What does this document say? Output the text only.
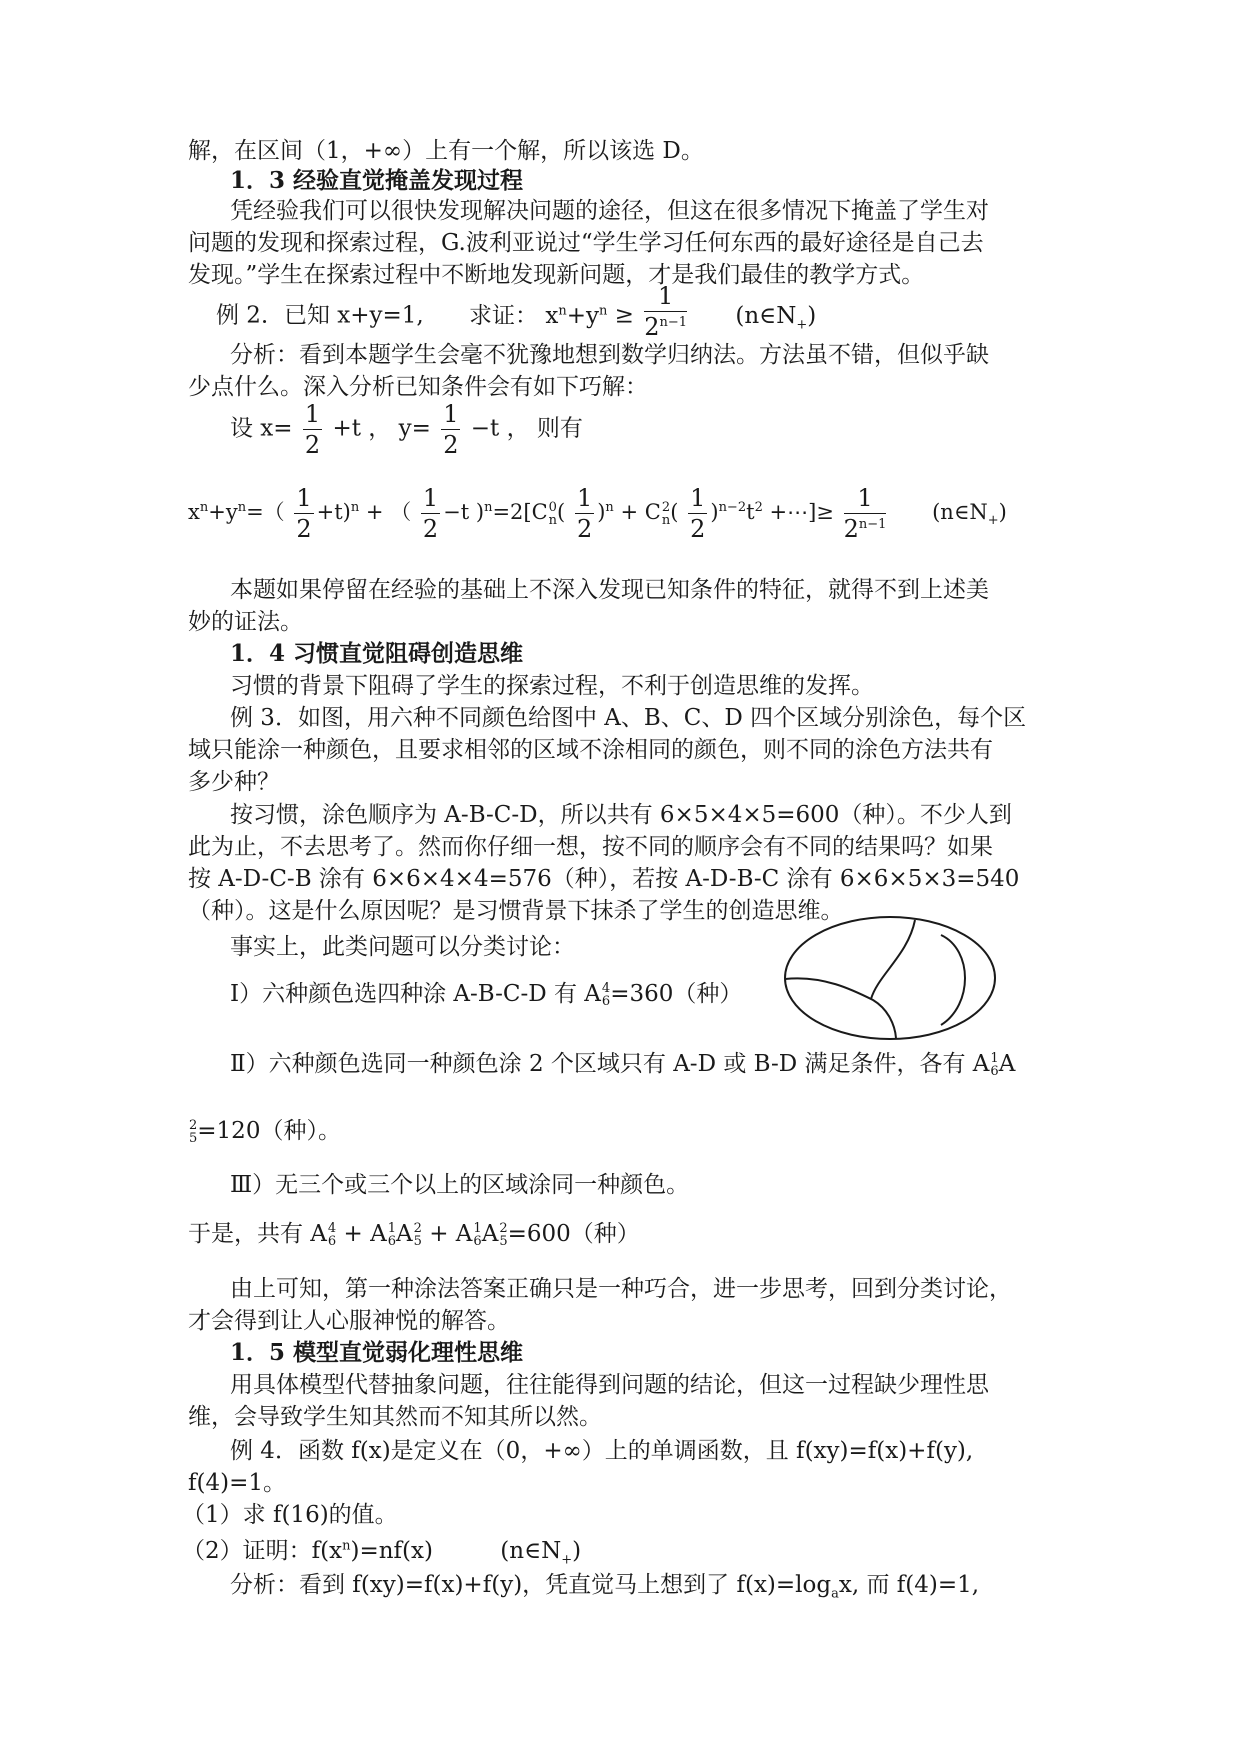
解，在区间（1，+∞）上有一个解，所以该选 D。
1．3 经验直觉掩盖发现过程
凭经验我们可以很快发现解决问题的途径，但这在很多情况下掩盖了学生对
问题的发现和探索过程，G.波利亚说过“学生学习任何东西的最好途径是自己去
发现。”学生在探索过程中不断地发现新问题，才是我们最佳的教学方式。
例 2．已知 x+y=1, 求证： $x^n+y^n \ge \frac{1}{2^{n-1}}$ $(n\in N_+)$
分析：看到本题学生会毫不犹豫地想到数学归纳法。方法虽不错，但似乎缺
少点什么。深入分析已知条件会有如下巧解：
设 $x= \frac{1}{2} +t$ ， $y= \frac{1}{2} -t$ ， 则有
$x^n+y^n=( \frac{1}{2} +t)^n$ + （ $\frac{1}{2} -t$ )$^n$=2[C 0
n ( $\frac{1}{2} )^n + C$ 2
n ( $\frac{1}{2} )^{n-2}t^2$ +⋯]≥ $\frac{1}{2^{n-1}}$ $(n\in N_+)$
本题如果停留在经验的基础上不深入发现已知条件的特征，就得不到上述美
妙的证法。
1．4 习惯直觉阻碍创造思维
习惯的背景下阻碍了学生的探索过程，不利于创造思维的发挥。
例 3．如图，用六种不同颜色给图中 A、B、C、D 四个区域分别涂色，每个区
域只能涂一种颜色，且要求相邻的区域不涂相同的颜色，则不同的涂色方法共有
多少种？
按习惯，涂色顺序为 A-B-C-D，所以共有 6×5×4×5=600（种）。不少人到
此为止，不去思考了。然而你仔细一想，按不同的顺序会有不同的结果吗？如果
按 A-D-C-B 涂有 6×6×4×4=576（种），若按 A-D-B-C 涂有 6×6×5×3=540
（种）。这是什么原因呢？是习惯背景下抹杀了学生的创造思维。
事实上，此类问题可以分类讨论：
Ⅰ）六种颜色选四种涂 A-B-C-D 有 A 4
6 =360（种）
Ⅱ）六种颜色选同一种颜色涂 2 个区域只有 A-D 或 B-D 满足条件，各有 A 1
6 A
2
5 =120（种）。
Ⅲ）无三个或三个以上的区域涂同一种颜色。
于是，共有 A 4
6 + A 1
6 A 2
5 + A 1
6 A 2
5 =600（种）
由上可知，第一种涂法答案正确只是一种巧合，进一步思考，回到分类讨论，
才会得到让人心服神悦的解答。
1．5 模型直觉弱化理性思维
用具体模型代替抽象问题，往往能得到问题的结论，但这一过程缺少理性思
维，会导致学生知其然而不知其所以然。
例 4．函数 f(x)是定义在（0，+∞）上的单调函数，且 f(xy)=f(x)+f(y),
f(4)=1。
（1）求 f(16)的值。
（2）证明：$f(x^n)=nf(x)$	$(n\in N_+)$
分析：看到 f(xy)=f(x)+f(y)，凭直觉马上想到了 $f(x)=\log_ax$, 而 f(4)=1,
